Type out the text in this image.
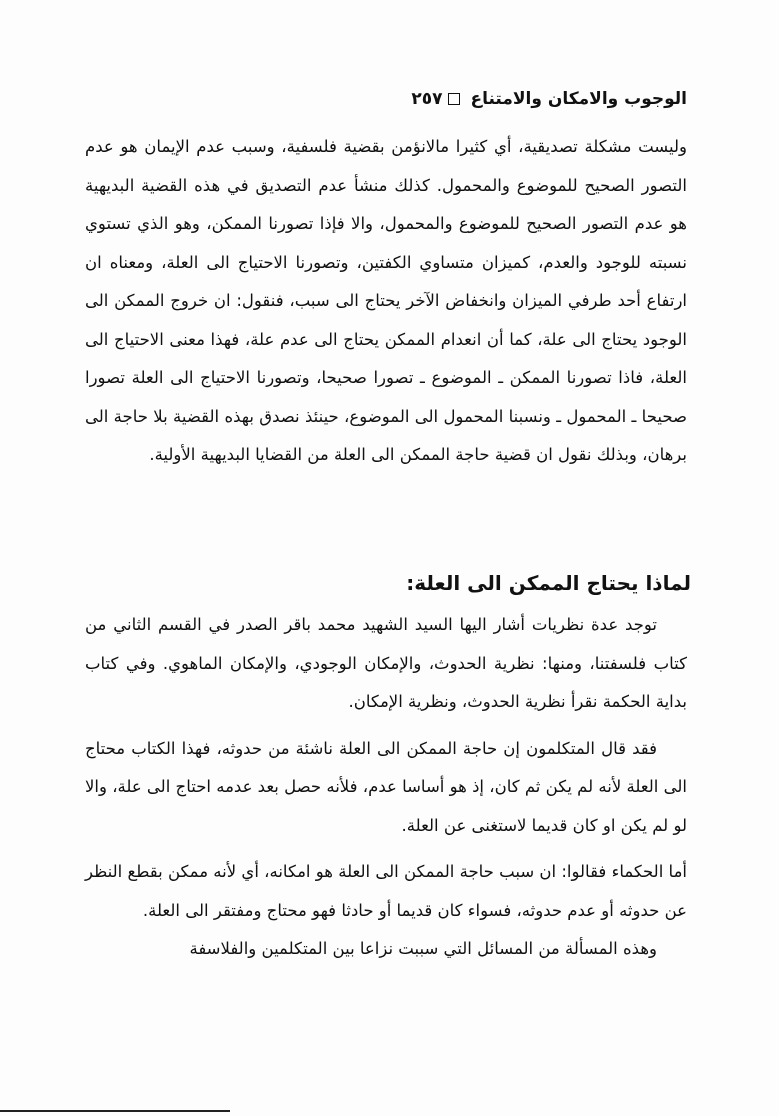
الوجوب والامكان والامتناع
٢٥٧

وليست مشكلة تصديقية، أي كثيرا مالانؤمن بقضية فلسفية، وسبب عدم الإيمان هو عدم التصور الصحيح للموضوع والمحمول. كذلك منشأ عدم التصديق في هذه القضية البديهية هو عدم التصور الصحيح للموضوع والمحمول، والا فإذا تصورنا الممكن، وهو الذي تستوي نسبته للوجود والعدم، كميزان متساوي الكفتين، وتصورنا الاحتياج الى العلة، ومعناه ان ارتفاع أحد طرفي الميزان وانخفاض الآخر يحتاج الى سبب، فنقول: ان خروج الممكن الى الوجود يحتاج الى علة، كما أن انعدام الممكن يحتاج الى عدم علة، فهذا معنى الاحتياج الى العلة، فاذا تصورنا الممكن ـ الموضوع ـ تصورا صحيحا، وتصورنا الاحتياج الى العلة تصورا صحيحا ـ المحمول ـ ونسبنا المحمول الى الموضوع، حينئذ نصدق بهذه القضية بلا حاجة الى برهان، وبذلك نقول ان قضية حاجة الممكن الى العلة من القضايا البديهية الأولية.

لماذا يحتاج الممكن الى العلة:

توجد عدة نظريات أشار اليها السيد الشهيد محمد باقر الصدر في القسم الثاني من كتاب فلسفتنا، ومنها: نظرية الحدوث، والإمكان الوجودي، والإمكان الماهوي. وفي كتاب بداية الحكمة نقرأ نظرية الحدوث، ونظرية الإمكان.

فقد قال المتكلمون إن حاجة الممكن الى العلة ناشئة من حدوثه، فهذا الكتاب محتاج الى العلة لأنه لم يكن ثم كان، إذ هو أساسا عدم، فلأنه حصل بعد عدمه احتاج الى علة، والا لو لم يكن او كان قديما لاستغنى عن العلة.

أما الحكماء فقالوا: ان سبب حاجة الممكن الى العلة هو امكانه، أي لأنه ممكن بقطع النظر عن حدوثه أو عدم حدوثه، فسواء كان قديما أو حادثا فهو محتاج ومفتقر الى العلة.

وهذه المسألة من المسائل التي سببت نزاعا بين المتكلمين والفلاسفة
